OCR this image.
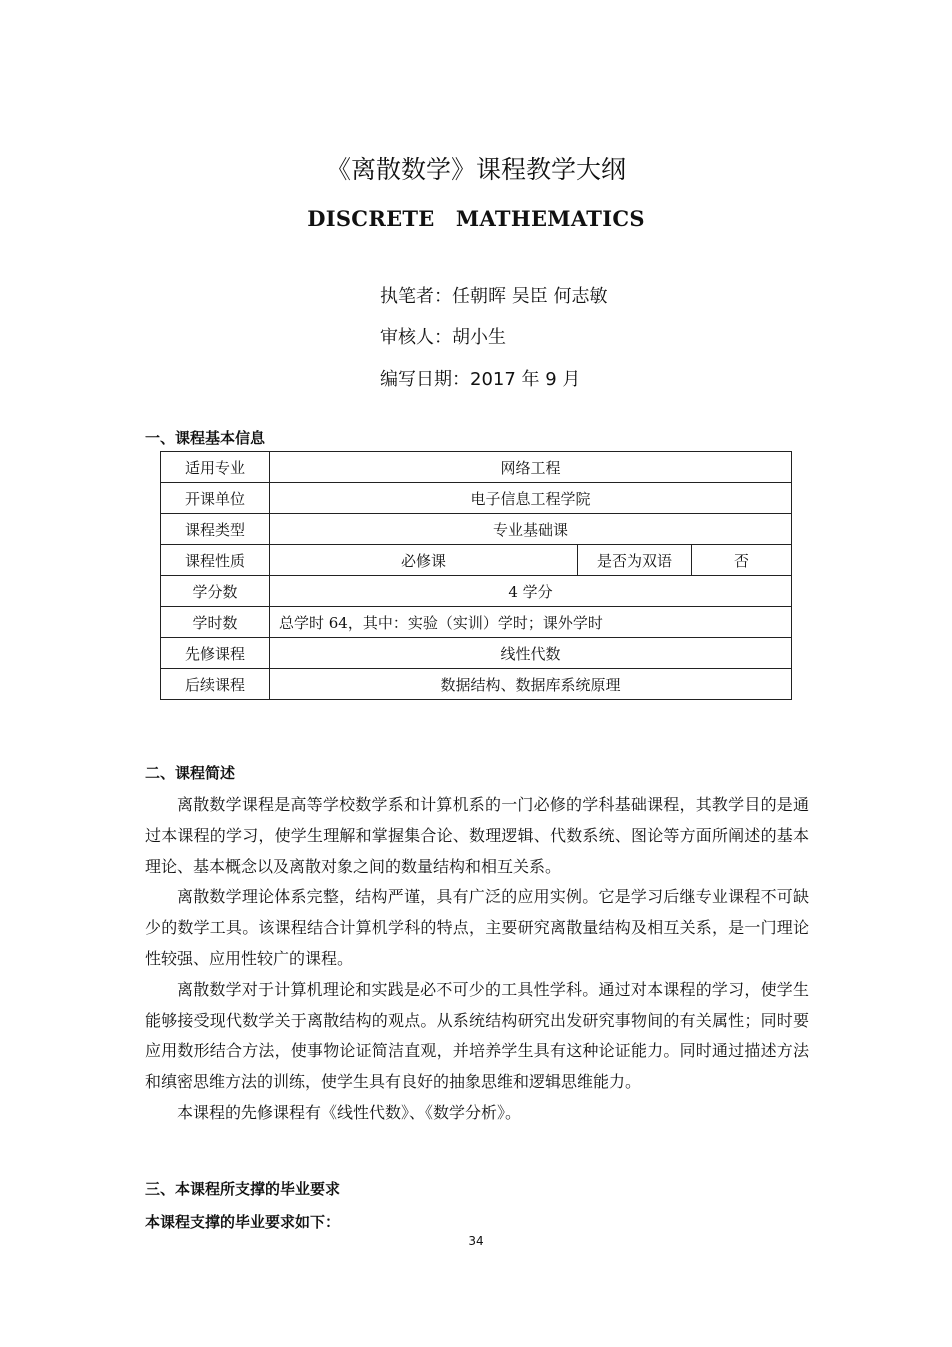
《离散数学》课程教学大纲
DISCRETE　MATHEMATICS
执笔者：任朝晖 吴臣 何志敏
审核人：胡小生
编写日期：2017 年 9 月
一、课程基本信息
适用专业	网络工程		
开课单位	电子信息工程学院		
课程类型	专业基础课		
课程性质	必修课	是否为双语	否
学分数	4 学分		
学时数	总学时 64，其中：实验（实训）学时；课外学时		
先修课程	线性代数		
后续课程	数据结构、数据库系统原理		
二、课程简述

离散数学课程是高等学校数学系和计算机系的一门必修的学科基础课程，其教学目的是通过本课程的学习，使学生理解和掌握集合论、数理逻辑、代数系统、图论等方面所阐述的基本理论、基本概念以及离散对象之间的数量结构和相互关系。

离散数学理论体系完整，结构严谨，具有广泛的应用实例。它是学习后继专业课程不可缺少的数学工具。该课程结合计算机学科的特点，主要研究离散量结构及相互关系，是一门理论性较强、应用性较广的课程。

离散数学对于计算机理论和实践是必不可少的工具性学科。通过对本课程的学习，使学生能够接受现代数学关于离散结构的观点。从系统结构研究出发研究事物间的有关属性；同时要应用数形结合方法，使事物论证简洁直观，并培养学生具有这种论证能力。同时通过描述方法和缜密思维方法的训练，使学生具有良好的抽象思维和逻辑思维能力。

本课程的先修课程有《线性代数》、《数学分析》。

三、本课程所支撑的毕业要求
本课程支撑的毕业要求如下：
34
